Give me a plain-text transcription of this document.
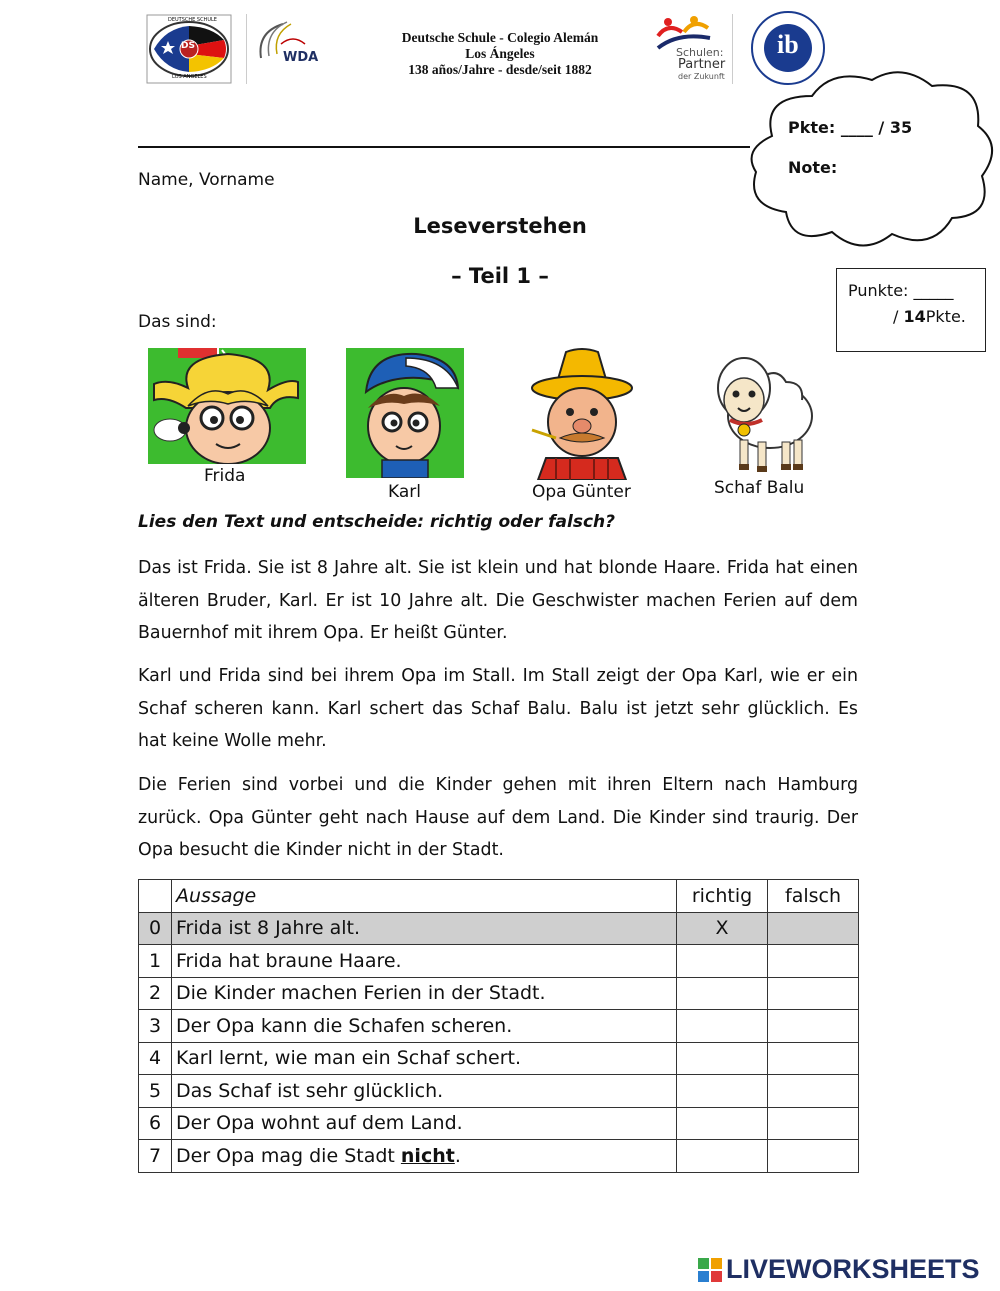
DS
DEUTSCHE SCHULE
LOS ANGELES
WDA
Deutsche Schule - Colegio Alemán
Los Ángeles
138 años/Jahre - desde/seit 1882
Schulen:
Partner
der Zukunft
ib
Pkte: ____ / 35
Note:
Name, Vorname
Leseverstehen
– Teil 1 –
Punkte: _____
/ 14Pkte.
Das sind:
Frida
Karl	Opa Günter	Schaf Balu
Lies den Text und entscheide: richtig oder falsch?

Das ist Frida. Sie ist 8 Jahre alt. Sie ist klein und hat blonde Haare. Frida hat einen älteren Bruder, Karl. Er ist 10 Jahre alt. Die Geschwister machen Ferien auf dem Bauernhof mit ihrem Opa. Er heißt Günter.

Karl und Frida sind bei ihrem Opa im Stall. Im Stall zeigt der Opa Karl, wie er ein Schaf scheren kann. Karl schert das Schaf Balu. Balu ist jetzt sehr glücklich. Es hat keine Wolle mehr.

Die Ferien sind vorbei und die Kinder gehen mit ihren Eltern nach Hamburg zurück. Opa Günter geht nach Hause auf dem Land. Die Kinder sind traurig. Der Opa besucht die Kinder nicht in der Stadt.

	Aussage	richtig	falsch
0	Frida ist 8 Jahre alt.	X	
1	Frida hat braune Haare.		
2	Die Kinder machen Ferien in der Stadt.		
3	Der Opa kann die Schafen scheren.		
4	Karl lernt, wie man ein Schaf schert.		
5	Das Schaf ist sehr glücklich.		
6	Der Opa wohnt auf dem Land.		
7	Der Opa mag die Stadt nicht.		
LIVEWORKSHEETS
